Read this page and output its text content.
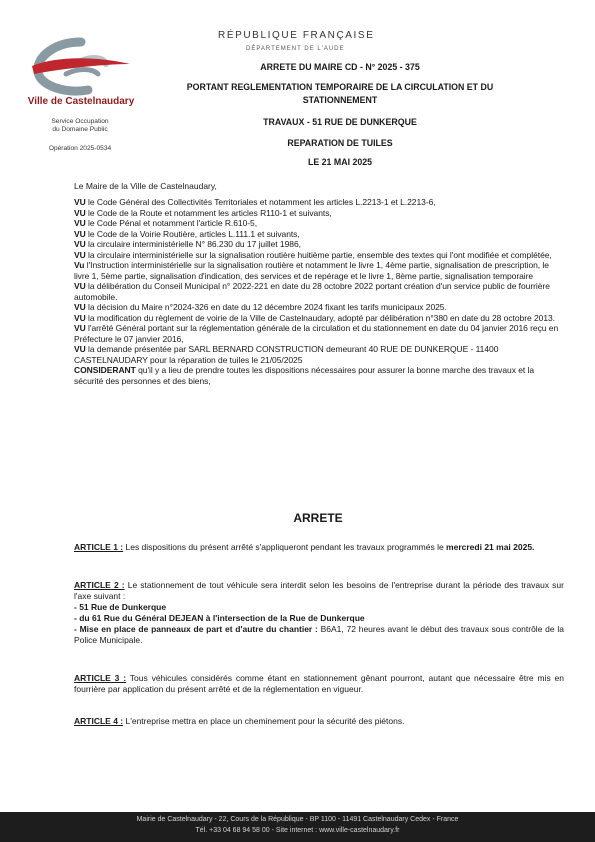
Ville de Castelnaudary
Service Occupation
du Domaine Public
Opération 2025-0534
RÉPUBLIQUE FRANÇAISE
DÉPARTEMENT DE L'AUDE
ARRETE DU MAIRE CD - N° 2025 - 375
PORTANT REGLEMENTATION TEMPORAIRE DE LA CIRCULATION ET DU
STATIONNEMENT
TRAVAUX - 51 RUE DE DUNKERQUE
REPARATION DE TUILES
LE 21 MAI 2025
Le Maire de la Ville de Castelnaudary,
VU le Code Général des Collectivités Territoriales et notamment les articles L.2213-1 et L.2213-6,
VU le Code de la Route et notamment les articles R110-1 et suivants,
VU le Code Pénal et notamment l'article R.610-5,
VU le Code de la Voirie Routière, articles L.111.1 et suivants,
VU la circulaire interministérielle N° 86.230 du 17 juillet 1986,
VU la circulaire interministérielle sur la signalisation routière huitième partie, ensemble des textes qui l'ont modifiée et complétée,
Vu l'Instruction interministérielle sur la signalisation routière et notamment le livre 1, 4ème partie, signalisation de prescription, le livre 1, 5ème partie, signalisation d'indication, des services et de repérage et le livre 1, 8ème partie, signalisation temporaire
VU la délibération du Conseil Municipal n° 2022-221 en date du 28 octobre 2022 portant création d'un service public de fourrière automobile.
VU la décision du Maire n°2024-326 en date du 12 décembre 2024 fixant les tarifs municipaux 2025.
VU la modification du règlement de voirie de la Ville de Castelnaudary, adopté par délibération n°380 en date du 28 octobre 2013.
VU l'arrêté Général portant sur la réglementation générale de la circulation et du stationnement en date du 04 janvier 2016 reçu en Préfecture le 07 janvier 2016,
VU la demande présentée par SARL BERNARD CONSTRUCTION demeurant 40 RUE DE DUNKERQUE - 11400 CASTELNAUDARY pour la réparation de tuiles le 21/05/2025
CONSIDERANT qu'il y a lieu de prendre toutes les dispositions nécessaires pour assurer la bonne marche des travaux et la sécurité des personnes et des biens,
ARRETE
ARTICLE 1 : Les dispositions du présent arrêté s'appliqueront pendant les travaux programmés le mercredi 21 mai 2025.
ARTICLE 2 : Le stationnement de tout véhicule sera interdit selon les besoins de l'entreprise durant la période des travaux sur l'axe suivant :
- 51 Rue de Dunkerque
- du 61 Rue du Général DEJEAN à l'intersection de la Rue de Dunkerque
- Mise en place de panneaux de part et d'autre du chantier : B6A1, 72 heures avant le début des travaux sous contrôle de la Police Municipale.
ARTICLE 3 : Tous véhicules considérés comme étant en stationnement gênant pourront, autant que nécessaire être mis en fourrière par application du présent arrêté et de la réglementation en vigueur.
ARTICLE 4 : L'entreprise mettra en place un cheminement pour la sécurité des piétons.
Mairie de Castelnaudary - 22, Cours de la République - BP 1100 - 11491 Castelnaudary Cedex - France
Tél. +33 04 68 94 58 00 - Site internet : www.ville-castelnaudary.fr
